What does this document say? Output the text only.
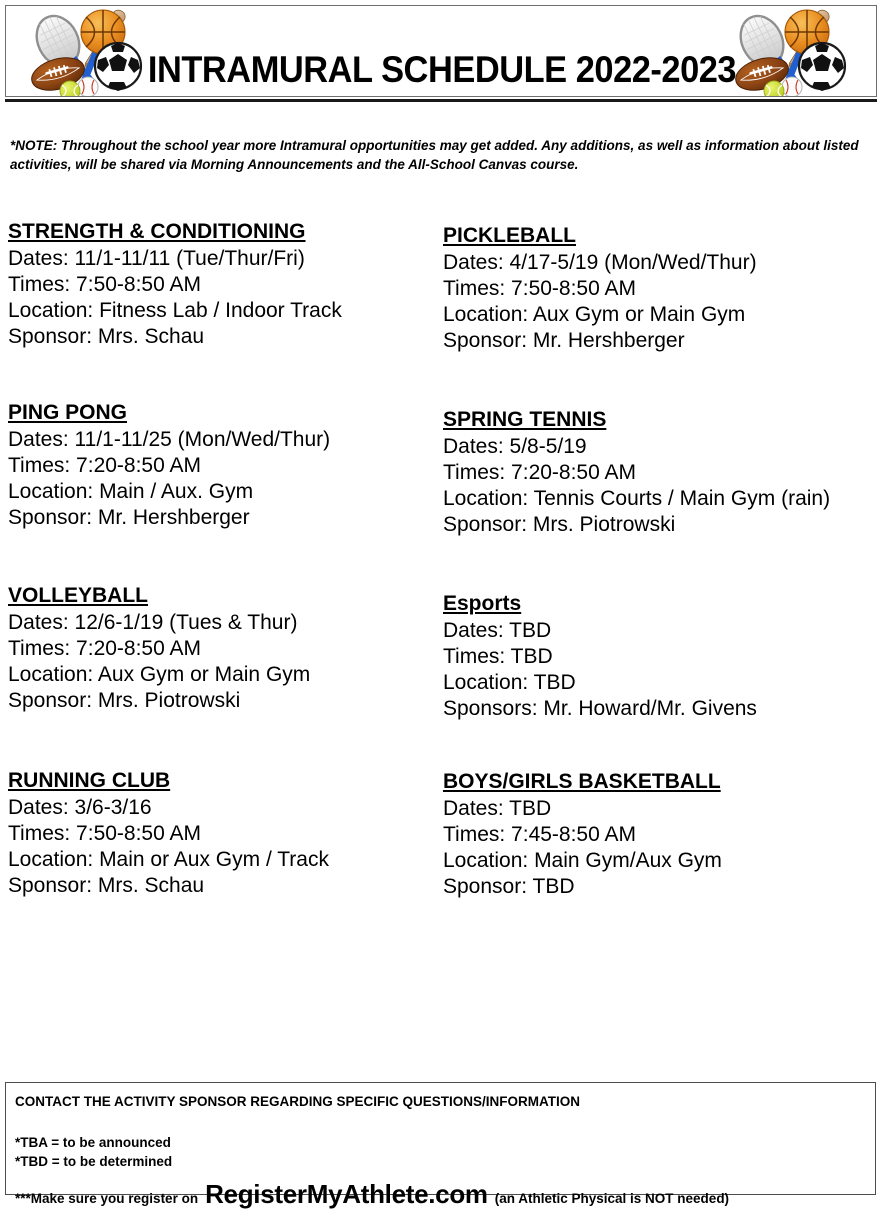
INTRAMURAL SCHEDULE 2022-2023
*NOTE: Throughout the school year more Intramural opportunities may get added. Any additions, as well as information about listed activities, will be shared via Morning Announcements and the All-School Canvas course.
STRENGTH & CONDITIONING
Dates: 11/1-11/11 (Tue/Thur/Fri)
Times: 7:50-8:50 AM
Location: Fitness Lab / Indoor Track
Sponsor: Mrs. Schau
PING PONG
Dates: 11/1-11/25 (Mon/Wed/Thur)
Times: 7:20-8:50 AM
Location: Main / Aux. Gym
Sponsor: Mr. Hershberger
VOLLEYBALL
Dates: 12/6-1/19 (Tues & Thur)
Times: 7:20-8:50 AM
Location: Aux Gym or Main Gym
Sponsor: Mrs. Piotrowski
RUNNING CLUB
Dates: 3/6-3/16
Times: 7:50-8:50 AM
Location: Main or Aux Gym / Track
Sponsor: Mrs. Schau
PICKLEBALL
Dates: 4/17-5/19 (Mon/Wed/Thur)
Times: 7:50-8:50 AM
Location: Aux Gym or Main Gym
Sponsor: Mr. Hershberger
SPRING TENNIS
Dates: 5/8-5/19
Times: 7:20-8:50 AM
Location: Tennis Courts / Main Gym (rain)
Sponsor: Mrs. Piotrowski
Esports
Dates: TBD
Times: TBD
Location: TBD
Sponsors: Mr. Howard/Mr. Givens
BOYS/GIRLS BASKETBALL
Dates: TBD
Times: 7:45-8:50 AM
Location: Main Gym/Aux Gym
Sponsor: TBD
CONTACT THE ACTIVITY SPONSOR REGARDING SPECIFIC QUESTIONS/INFORMATION
*TBA = to be announced
*TBD = to be determined
***Make sure you register on RegisterMyAthlete.com (an Athletic Physical is NOT needed)
